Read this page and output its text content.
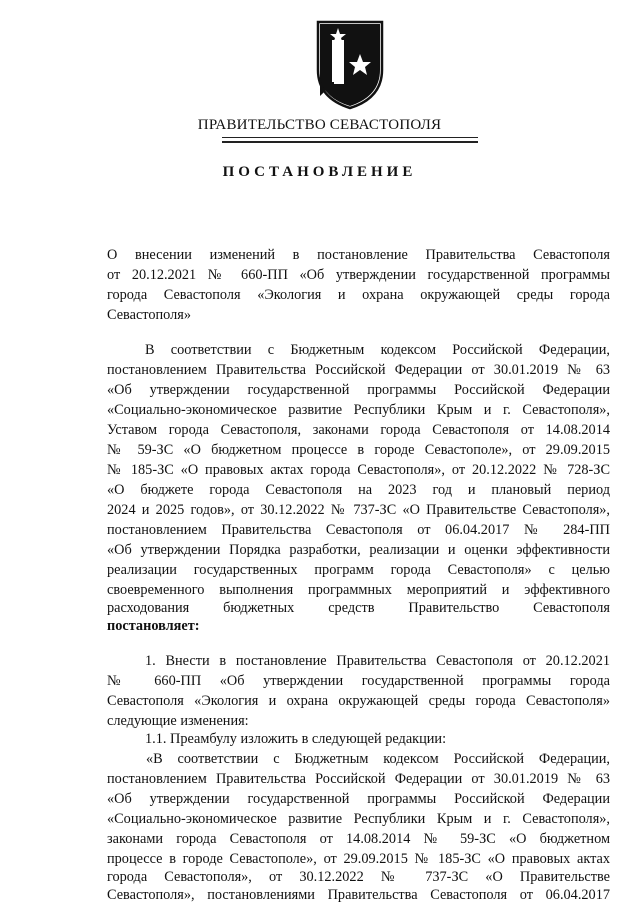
ПРАВИТЕЛЬСТВО СЕВАСТОПОЛЯ
ПОСТАНОВЛЕНИЕ
О внесении изменений в постановление Правительства Севастополя
от 20.12.2021 № 660-ПП «Об утверждении государственной программы
города Севастополя «Экология и охрана окружающей среды города
Севастополя»
В соответствии с Бюджетным кодексом Российской Федерации,
постановлением Правительства Российской Федерации от 30.01.2019 № 63
«Об утверждении государственной программы Российской Федерации
«Социально-экономическое развитие Республики Крым и г. Севастополя»,
Уставом города Севастополя, законами города Севастополя от 14.08.2014
№ 59-ЗС «О бюджетном процессе в городе Севастополе», от 29.09.2015
№ 185-ЗС «О правовых актах города Севастополя», от 20.12.2022 № 728-ЗС
«О бюджете города Севастополя на 2023 год и плановый период
2024 и 2025 годов», от 30.12.2022 № 737-ЗС «О Правительстве Севастополя»,
постановлением Правительства Севастополя от 06.04.2017 № 284-ПП
«Об утверждении Порядка разработки, реализации и оценки эффективности
реализации государственных программ города Севастополя» с целью
своевременного выполнения программных мероприятий и эффективного
расходования бюджетных средств Правительство Севастополя
постановляет:
1. Внести в постановление Правительства Севастополя от 20.12.2021
№ 660-ПП «Об утверждении государственной программы города
Севастополя «Экология и охрана окружающей среды города Севастополя»
следующие изменения:
1.1. Преамбулу изложить в следующей редакции:
«В соответствии с Бюджетным кодексом Российской Федерации,
постановлением Правительства Российской Федерации от 30.01.2019 № 63
«Об утверждении государственной программы Российской Федерации
«Социально-экономическое развитие Республики Крым и г. Севастополя»,
законами города Севастополя от 14.08.2014 № 59-ЗС «О бюджетном
процессе в городе Севастополе», от 29.09.2015 № 185-ЗС «О правовых актах
города Севастополя», от 30.12.2022 № 737-ЗС «О Правительстве
Севастополя», постановлениями Правительства Севастополя от 06.04.2017
